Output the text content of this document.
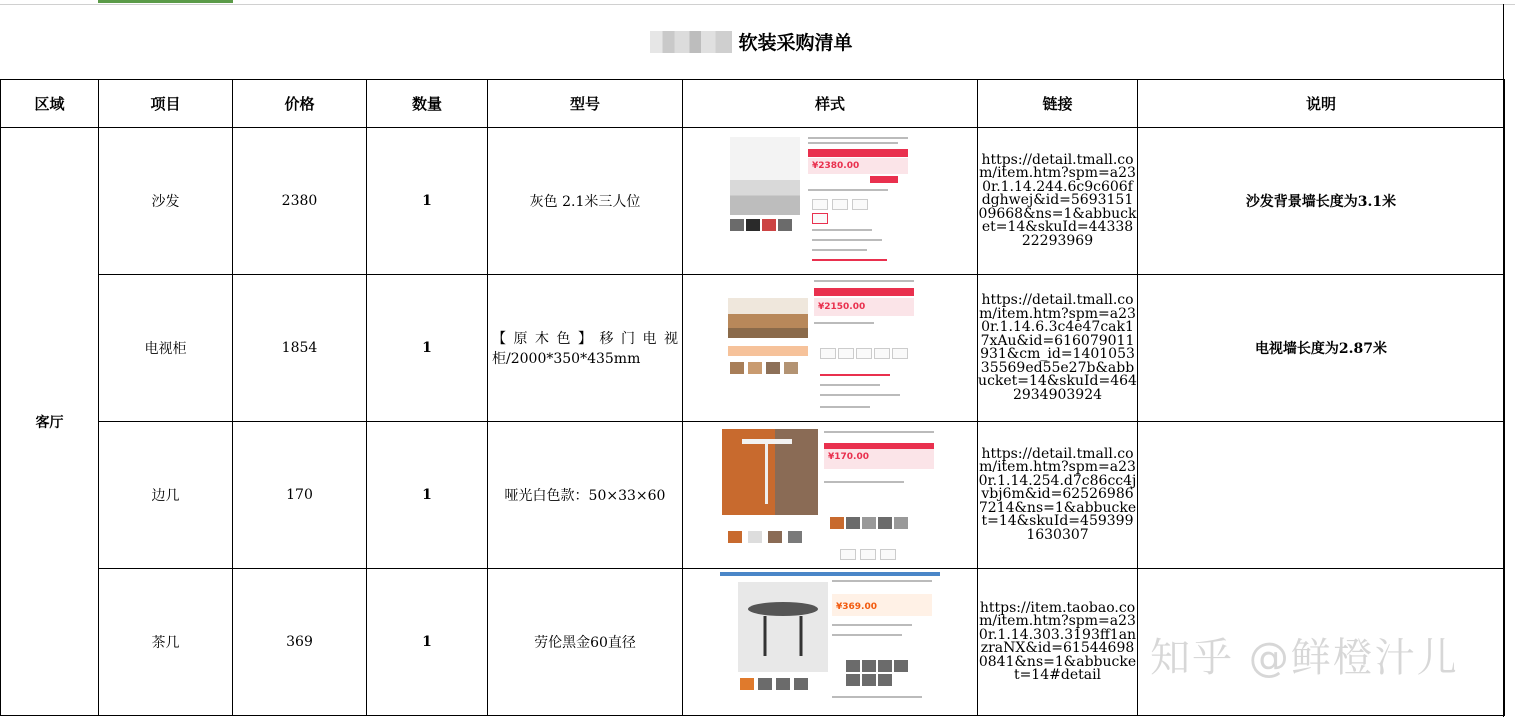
软装采购清单
区域	项目	价格	数量	型号	样式	链接	说明
客厅	沙发	2380	1	灰色 2.1米三人位	¥2380.00	https://detail.tmall.com/item.htm?spm=a230r.1.14.244.6c9c606fdghwej&id=569315109668&ns=1&abbucket=14&skuId=4433822293969	沙发背景墙长度为3.1米
	电视柜	1854	1	【原木色】移门电视柜/2000*350*435mm	¥2150.00	https://detail.tmall.com/item.htm?spm=a230r.1.14.6.3c4e47cak17xAu&id=616079011931&cm_id=140105335569ed55e27b&abbucket=14&skuId=4642934903924	电视墙长度为2.87米
	边几	170	1	哑光白色款：50×33×60	¥170.00	https://detail.tmall.com/item.htm?spm=a230r.1.14.254.d7c86cc4jvbj6m&id=625269867214&ns=1&abbucket=14&skuId=4593991630307	
	茶几	369	1	劳伦黑金60直径	¥369.00	https://item.taobao.com/item.htm?spm=a230r.1.14.303.3193ff1anzraNX&id=615446980841&ns=1&abbucket=14#detail	知乎 @鲜橙汁儿
